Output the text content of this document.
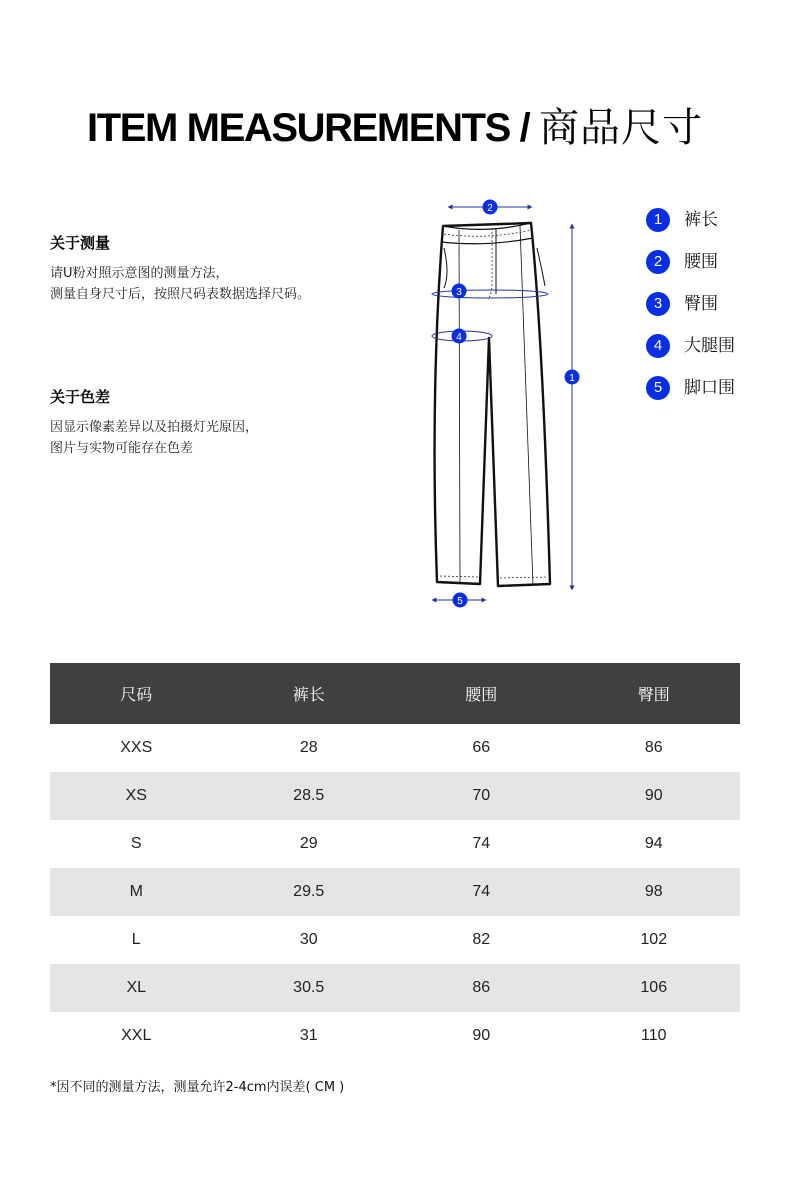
ITEM MEASUREMENTS / 商品尺寸
关于测量
请U粉对照示意图的测量方法，
测量自身尺寸后，按照尺码表数据选择尺码。
关于色差
因显示像素差异以及拍摄灯光原因，
图片与实物可能存在色差
2
3
4
1
5
1	裤长
2	腰围
3	臀围
4	大腿围
5	脚口围
尺码	裤长	腰围	臀围
XXS	28	66	86
XS	28.5	70	90
S	29	74	94
M	29.5	74	98
L	30	82	102
XL	30.5	86	106
XXL	31	90	110
*因不同的测量方法，测量允许2-4cm内误差( CM )
